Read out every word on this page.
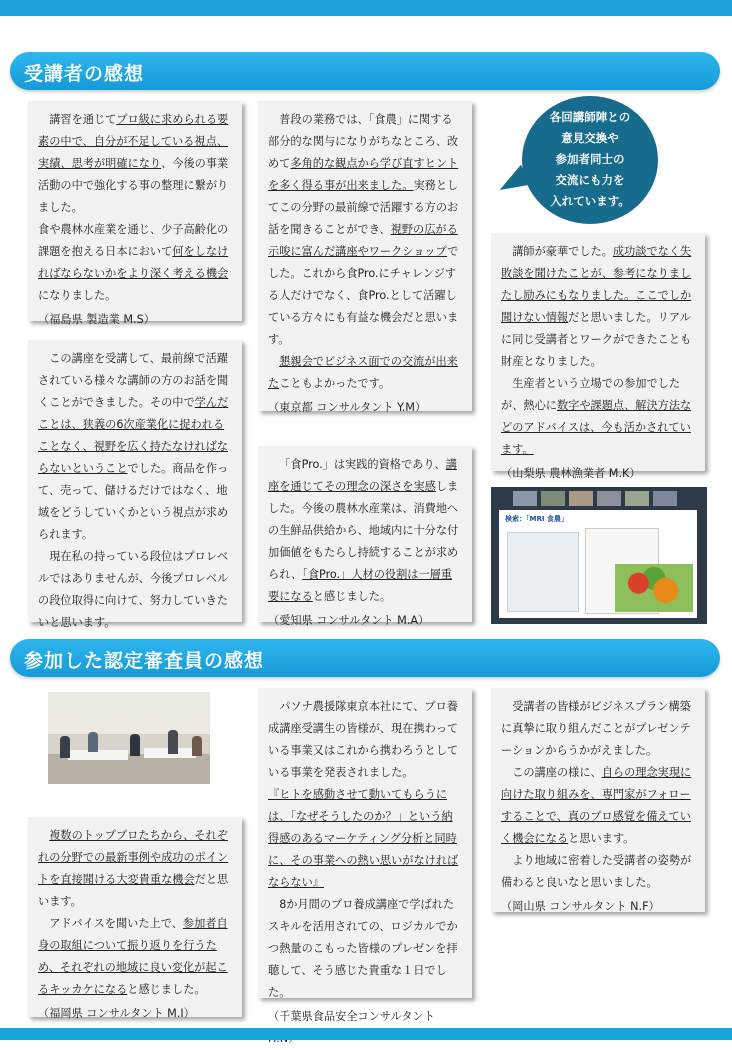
受講者の感想

講習を通じてプロ級に求められる要素の中で、自分が不足している視点、実績、思考が明確になり、今後の事業活動の中で強化する事の整理に繋がりました。

食や農林水産業を通じ、少子高齢化の課題を抱える日本において何をしなければならないかをより深く考える機会になりました。

（福島県 製造業 M.S）

普段の業務では、「食農」に関する部分的な関与になりがちなところ、改めて多角的な観点から学び直すヒントを多く得る事が出来ました。実務としてこの分野の最前線で活躍する方のお話を聞きることができ、視野の広がる示唆に富んだ講座やワークショップでした。これから食Pro.にチャレンジする人だけでなく、食Pro.として活躍している方々にも有益な機会だと思います。

懇親会でビジネス面での交流が出来たこともよかったです。

（東京都 コンサルタント Y.M）

各回講師陣との
意見交換や
参加者同士の
交流にも力を
入れています。

講師が豪華でした。成功談でなく失敗談を聞けたことが、参考になりましたし励みにもなりました。ここでしか聞けない情報だと思いました。リアルに同じ受講者とワークができたことも財産となりました。

生産者という立場での参加でしたが、熱心に数字や課題点、解決方法などのアドバイスは、今も活かされています。

（山梨県 農林漁業者 M.K）

この講座を受講して、最前線で活躍されている様々な講師の方のお話を聞くことができました。その中で学んだことは、狭義の6次産業化に捉われることなく、視野を広く持たなければならないということでした。商品を作って、売って、儲けるだけではなく、地域をどうしていくかという視点が求められます。

現在私の持っている段位はプロレベルではありませんが、今後プロレベルの段位取得に向けて、努力していきたいと思います。

「食Pro.」は実践的資格であり、講座を通じてその理念の深さを実感しました。今後の農林水産業は、消費地への生鮮品供給から、地域内に十分な付加価値をもたらし持続することが求められ、「食Pro.」人材の役割は一層重要になると感じました。

（愛知県 コンサルタント M.A）

検索：「MRI 食農」
参加した認定審査員の感想

複数のトッププロたちから、それぞれの分野での最新事例や成功のポイントを直接聞ける大変貴重な機会だと思います。

アドバイスを聞いた上で、参加者自身の取組について振り返りを行うため、それぞれの地域に良い変化が起こるキッカケになると感じました。

（福岡県 コンサルタント M.I）

パソナ農援隊東京本社にて、プロ養成講座受講生の皆様が、現在携わっている事業又はこれから携わろうとしている事業を発表されました。

『ヒトを感動させて動いてもらうには、「なぜそうしたのか？」という納得感のあるマーケティング分析と同時に、その事業への熱い思いがなければならない』

8か月間のプロ養成講座で学ばれたスキルを活用されての、ロジカルでかつ熱量のこもった皆様のプレゼンを拝聴して、そう感じた貴重な１日でした。

（千葉県食品安全コンサルタント

受講者の皆様がビジネスプラン構築に真摯に取り組んだことがプレゼンテーションからうかがえました。

この講座の様に、自らの理念実現に向けた取り組みを、専門家がフォローすることで、真のプロ感覚を備えていく機会になると思います。

より地域に密着した受講者の姿勢が備わると良いなと思いました。

（岡山県 コンサルタント N.F）
